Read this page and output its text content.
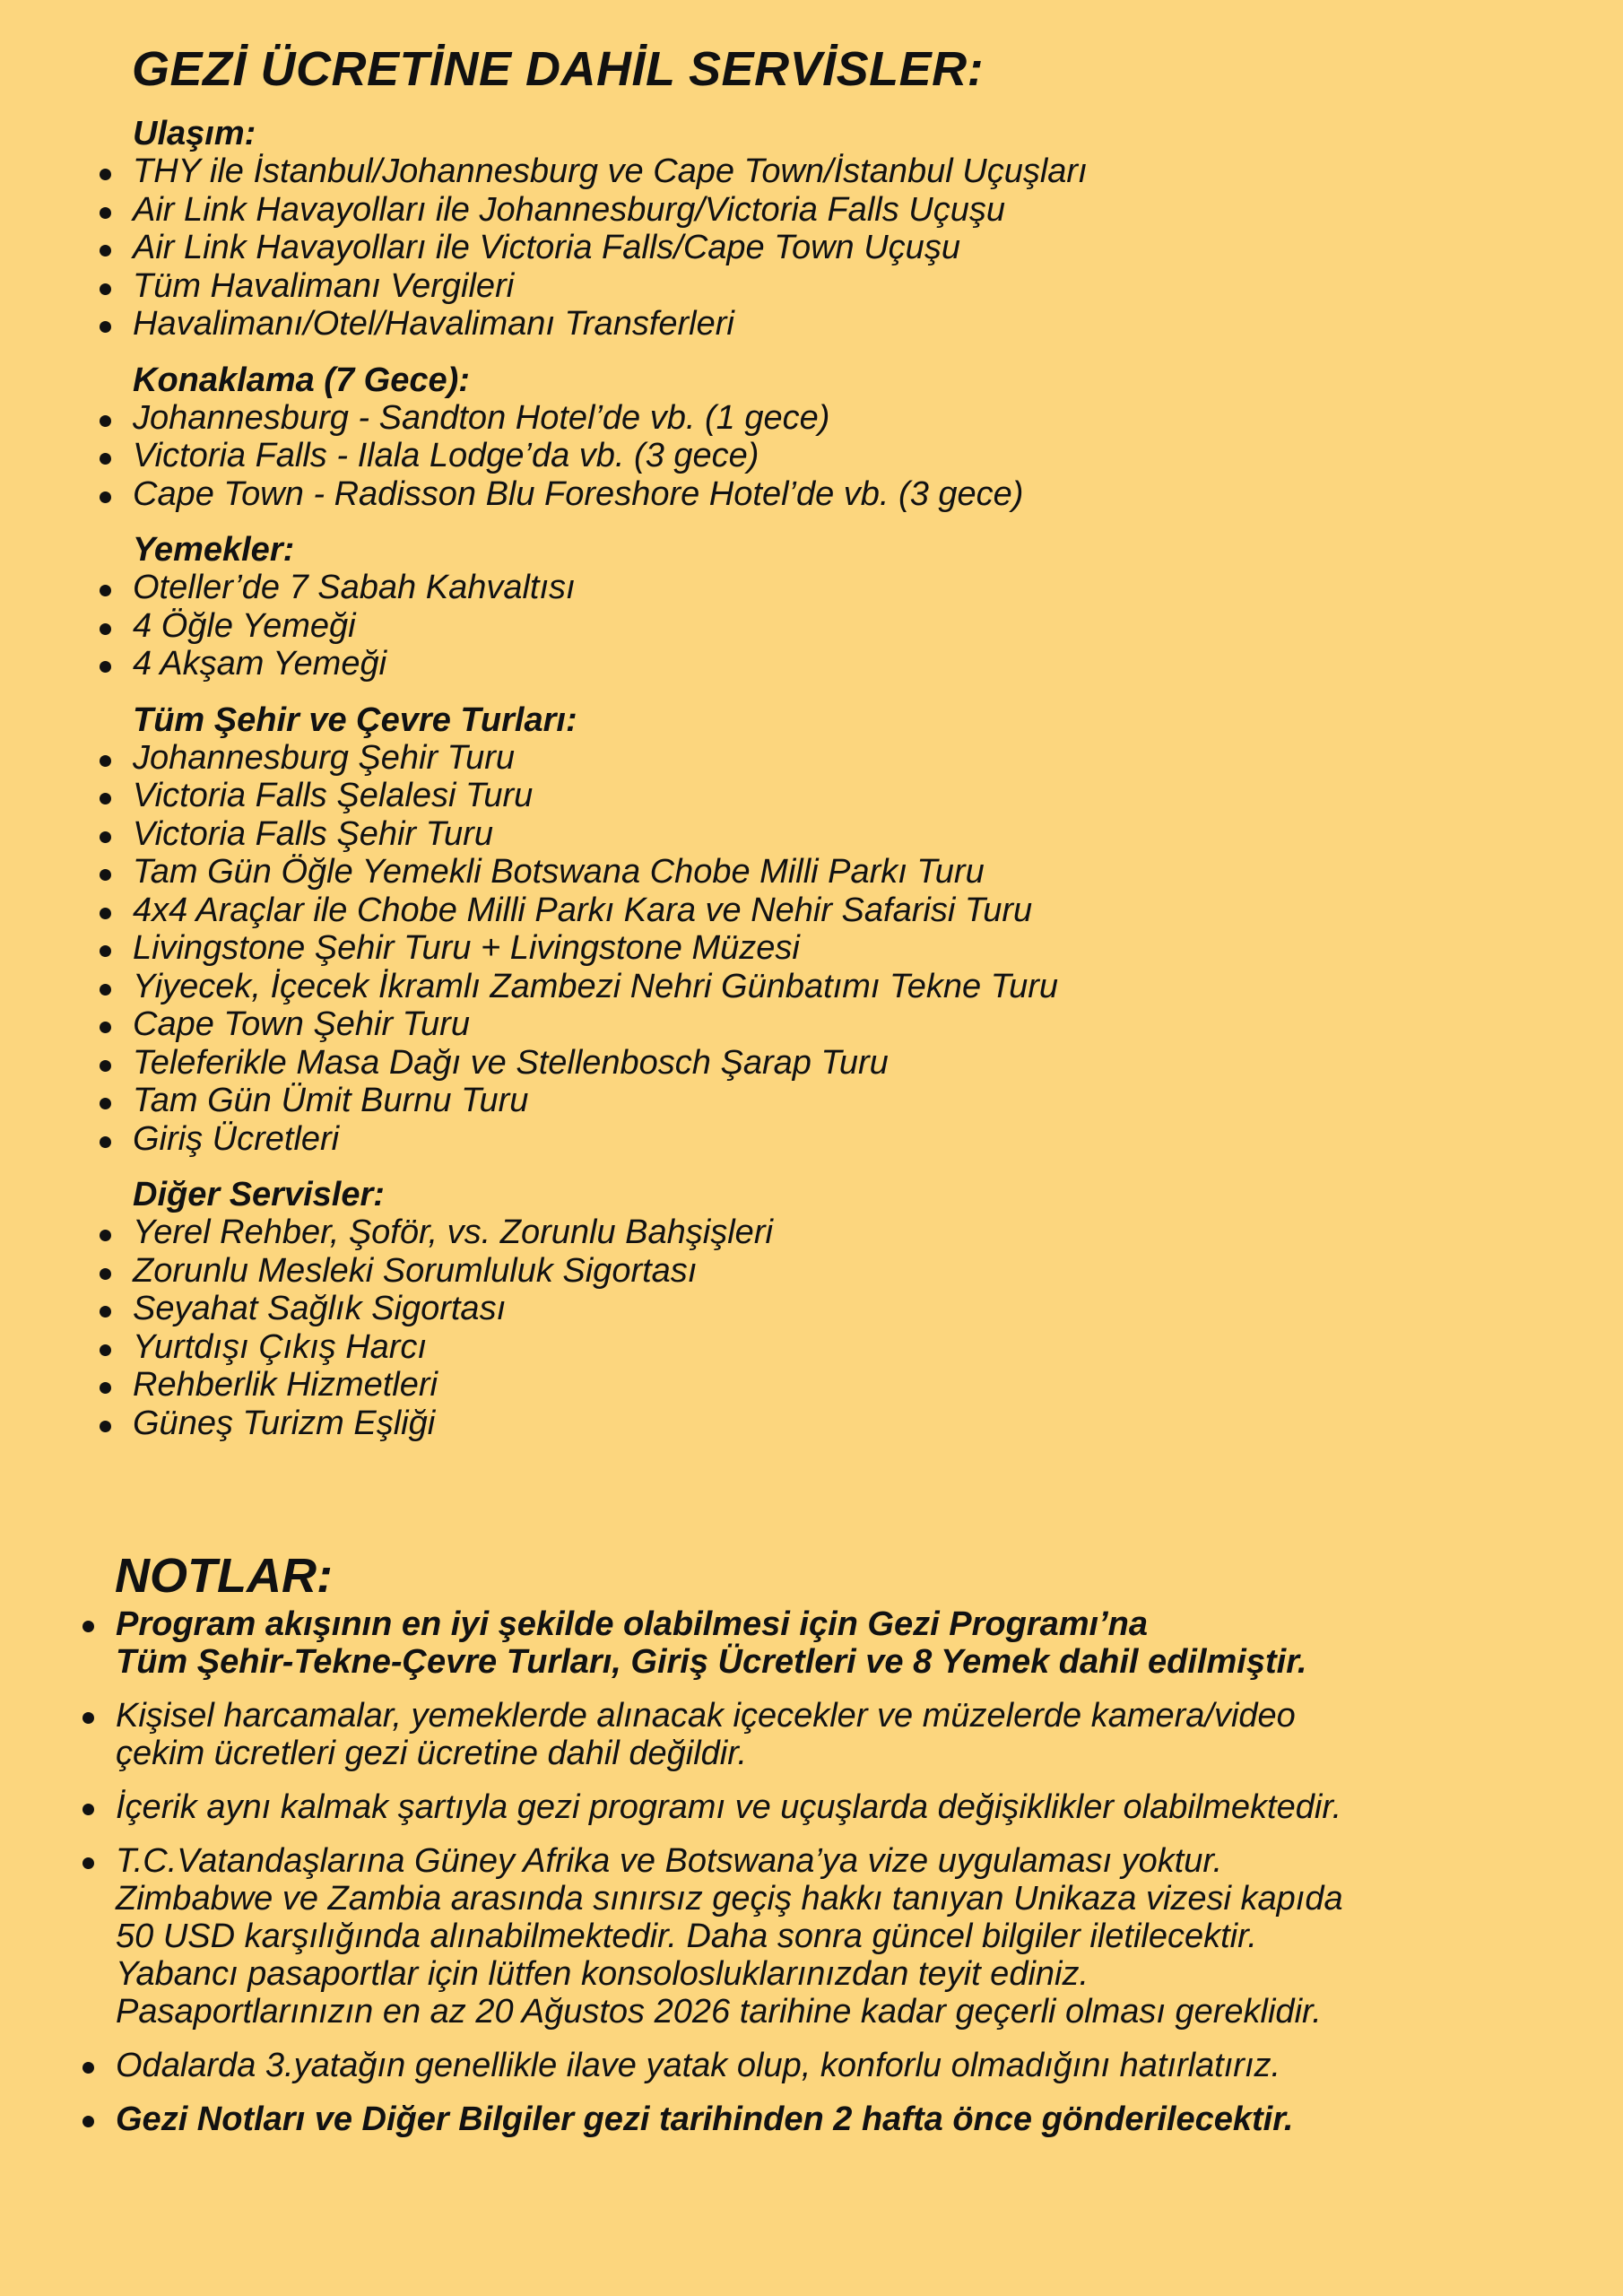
GEZİ ÜCRETİNE DAHİL SERVİSLER:
Ulaşım:
THY ile İstanbul/Johannesburg ve Cape Town/İstanbul Uçuşları
Air Link Havayolları ile Johannesburg/Victoria Falls Uçuşu
Air Link Havayolları ile Victoria Falls/Cape Town Uçuşu
Tüm Havalimanı Vergileri
Havalimanı/Otel/Havalimanı Transferleri
Konaklama (7 Gece):
Johannesburg - Sandton Hotel’de vb. (1 gece)
Victoria Falls - Ilala Lodge’da vb. (3 gece)
Cape Town - Radisson Blu Foreshore Hotel’de vb. (3 gece)
Yemekler:
Oteller’de 7 Sabah Kahvaltısı
4 Öğle Yemeği
4 Akşam Yemeği
Tüm Şehir ve Çevre Turları:
Johannesburg Şehir Turu
Victoria Falls Şelalesi Turu
Victoria Falls Şehir Turu
Tam Gün Öğle Yemekli Botswana Chobe Milli Parkı Turu
4x4 Araçlar ile Chobe Milli Parkı Kara ve Nehir Safarisi Turu
Livingstone Şehir Turu + Livingstone Müzesi
Yiyecek, İçecek İkramlı Zambezi Nehri Günbatımı Tekne Turu
Cape Town Şehir Turu
Teleferikle Masa Dağı ve Stellenbosch Şarap Turu
Tam Gün Ümit Burnu Turu
Giriş Ücretleri
Diğer Servisler:
Yerel Rehber, Şoför, vs. Zorunlu Bahşişleri
Zorunlu Mesleki Sorumluluk Sigortası
Seyahat Sağlık Sigortası
Yurtdışı Çıkış Harcı
Rehberlik Hizmetleri
Güneş Turizm Eşliği
NOTLAR:
Program akışının en iyi şekilde olabilmesi için Gezi Programı’na
Tüm Şehir-Tekne-Çevre Turları, Giriş Ücretleri ve 8 Yemek dahil edilmiştir.
Kişisel harcamalar, yemeklerde alınacak içecekler ve müzelerde kamera/video
çekim ücretleri gezi ücretine dahil değildir.
İçerik aynı kalmak şartıyla gezi programı ve uçuşlarda değişiklikler olabilmektedir.
T.C.Vatandaşlarına Güney Afrika ve Botswana’ya vize uygulaması yoktur.
Zimbabwe ve Zambia arasında sınırsız geçiş hakkı tanıyan Unikaza vizesi kapıda
50 USD karşılığında alınabilmektedir. Daha sonra güncel bilgiler iletilecektir.
Yabancı pasaportlar için lütfen konsolosluklarınızdan teyit ediniz.
Pasaportlarınızın en az 20 Ağustos 2026 tarihine kadar geçerli olması gereklidir.
Odalarda 3.yatağın genellikle ilave yatak olup, konforlu olmadığını hatırlatırız.
Gezi Notları ve Diğer Bilgiler gezi tarihinden 2 hafta önce gönderilecektir.
